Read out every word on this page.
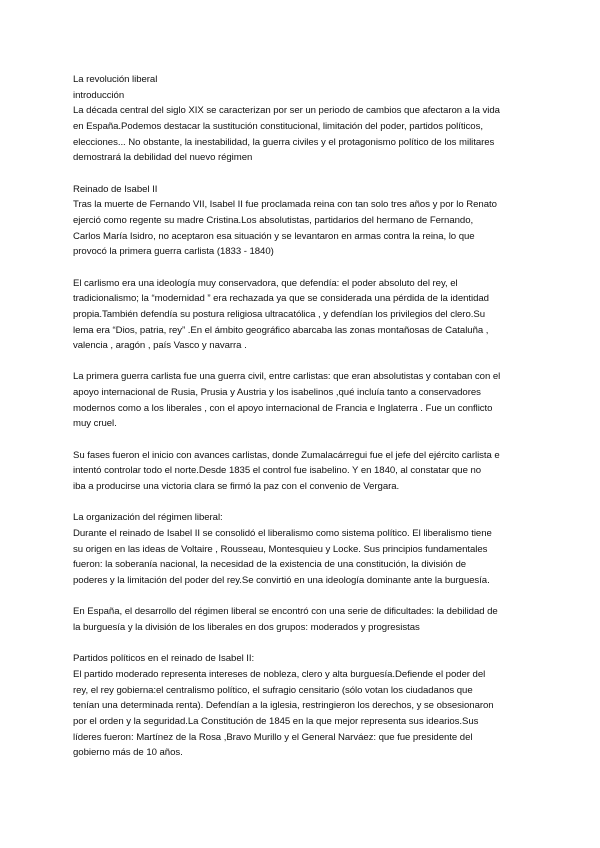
La revolución liberal
introducción
La década central del siglo XIX se caracterizan por ser un periodo de cambios que afectaron a la vida
en España.Podemos destacar la sustitución constitucional, limitación del poder, partidos políticos,
elecciones... No obstante, la inestabilidad, la guerra civiles y el protagonismo político de los militares
demostrará la debilidad del nuevo régimen
Reinado de Isabel II
Tras la muerte de Fernando VII, Isabel II fue proclamada reina con tan solo tres años y por lo Renato
ejerció como regente su madre Cristina.Los absolutistas, partidarios del hermano de Fernando,
Carlos María Isidro, no aceptaron esa situación y se levantaron en armas contra la reina, lo que
provocó la primera guerra carlista (1833 - 1840)
El carlismo era una ideología muy conservadora, que defendía: el poder absoluto del rey, el
tradicionalismo; la “modernidad ” era rechazada ya que se considerada una pérdida de la identidad
propia.También defendía su postura religiosa ultracatólica , y defendían los privilegios del clero.Su
lema era “Dios, patria, rey” .En el ámbito geográfico abarcaba las zonas montañosas de Cataluña ,
valencia , aragón , país Vasco y navarra .
La primera guerra carlista fue una guerra civil, entre carlistas: que eran absolutistas y contaban con el
apoyo internacional de Rusia, Prusia y Austria y los isabelinos ,qué incluía tanto a conservadores
modernos como a los liberales , con el apoyo internacional de Francia e Inglaterra . Fue un conflicto
muy cruel.
Su fases fueron el inicio con avances carlistas, donde Zumalacárregui fue el jefe del ejército carlista e
intentó controlar todo el norte.Desde 1835 el control fue isabelino. Y en 1840, al constatar que no
iba a producirse una victoria clara se firmó la paz con el convenio de Vergara.
La organización del régimen liberal:
Durante el reinado de Isabel II se consolidó el liberalismo como sistema político. El liberalismo tiene
su origen en las ideas de Voltaire , Rousseau, Montesquieu y Locke. Sus principios fundamentales
fueron: la soberanía nacional, la necesidad de la existencia de una constitución, la división de
poderes y la limitación del poder del rey.Se convirtió en una ideología dominante ante la burguesía.
En España, el desarrollo del régimen liberal se encontró con una serie de dificultades: la debilidad de
la burguesía y la división de los liberales en dos grupos: moderados y progresistas
Partidos políticos en el reinado de Isabel II:
El partido moderado representa intereses de nobleza, clero y alta burguesía.Defiende el poder del
rey, el rey gobierna:el centralismo político, el sufragio censitario (sólo votan los ciudadanos que
tenían una determinada renta). Defendían a la iglesia, restringieron los derechos, y se obsesionaron
por el orden y la seguridad.La Constitución de 1845 en la que mejor representa sus idearios.Sus
líderes fueron: Martínez de la Rosa ,Bravo Murillo y el General Narváez: que fue presidente del
gobierno más de 10 años.
